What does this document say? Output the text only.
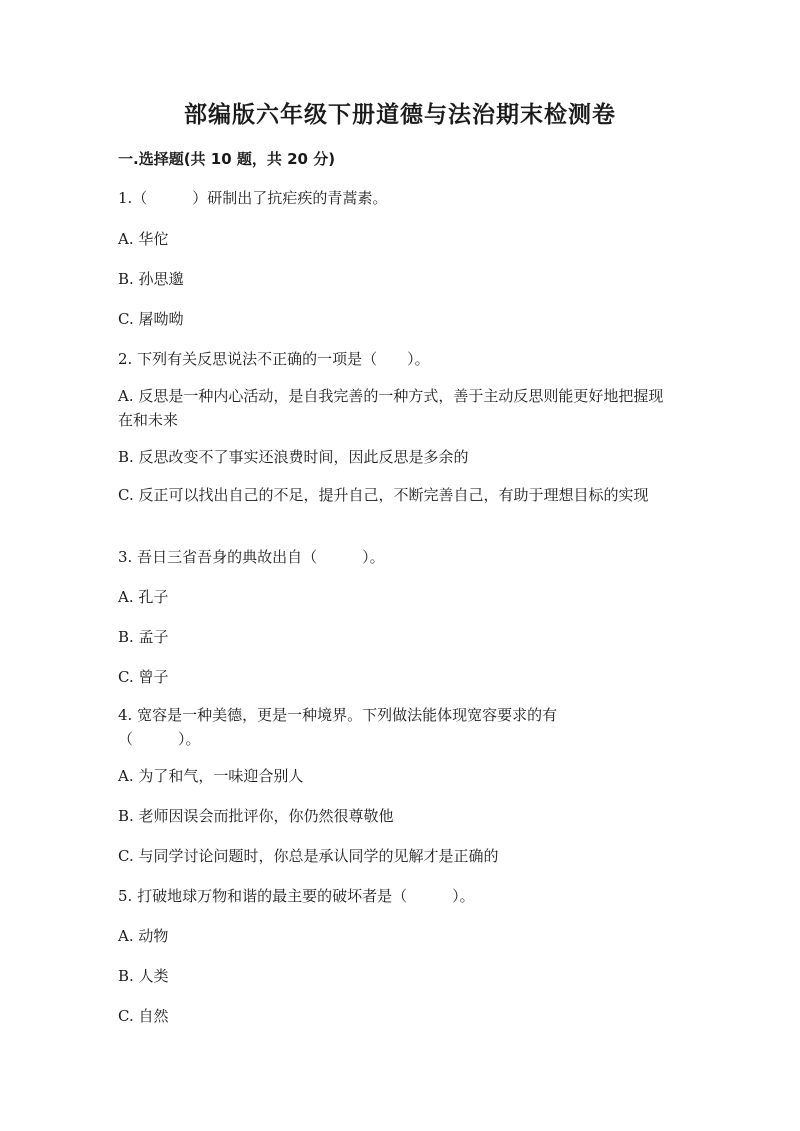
部编版六年级下册道德与法治期末检测卷
一.选择题(共 10 题，共 20 分)
1.（　　　）研制出了抗疟疾的青蒿素。
A. 华佗
B. 孙思邈
C. 屠呦呦
2. 下列有关反思说法不正确的一项是（　　）。
A. 反思是一种内心活动，是自我完善的一种方式，善于主动反思则能更好地把握现在和未来
B. 反思改变不了事实还浪费时间，因此反思是多余的
C. 反正可以找出自己的不足，提升自己，不断完善自己，有助于理想目标的实现
3. 吾日三省吾身的典故出自（　　　）。
A. 孔子
B. 孟子
C. 曾子
4. 宽容是一种美德，更是一种境界。下列做法能体现宽容要求的有（　　　）。
A. 为了和气，一味迎合别人
B. 老师因误会而批评你，你仍然很尊敬他
C. 与同学讨论问题时，你总是承认同学的见解才是正确的
5. 打破地球万物和谐的最主要的破坏者是（　　　）。
A. 动物
B. 人类
C. 自然
